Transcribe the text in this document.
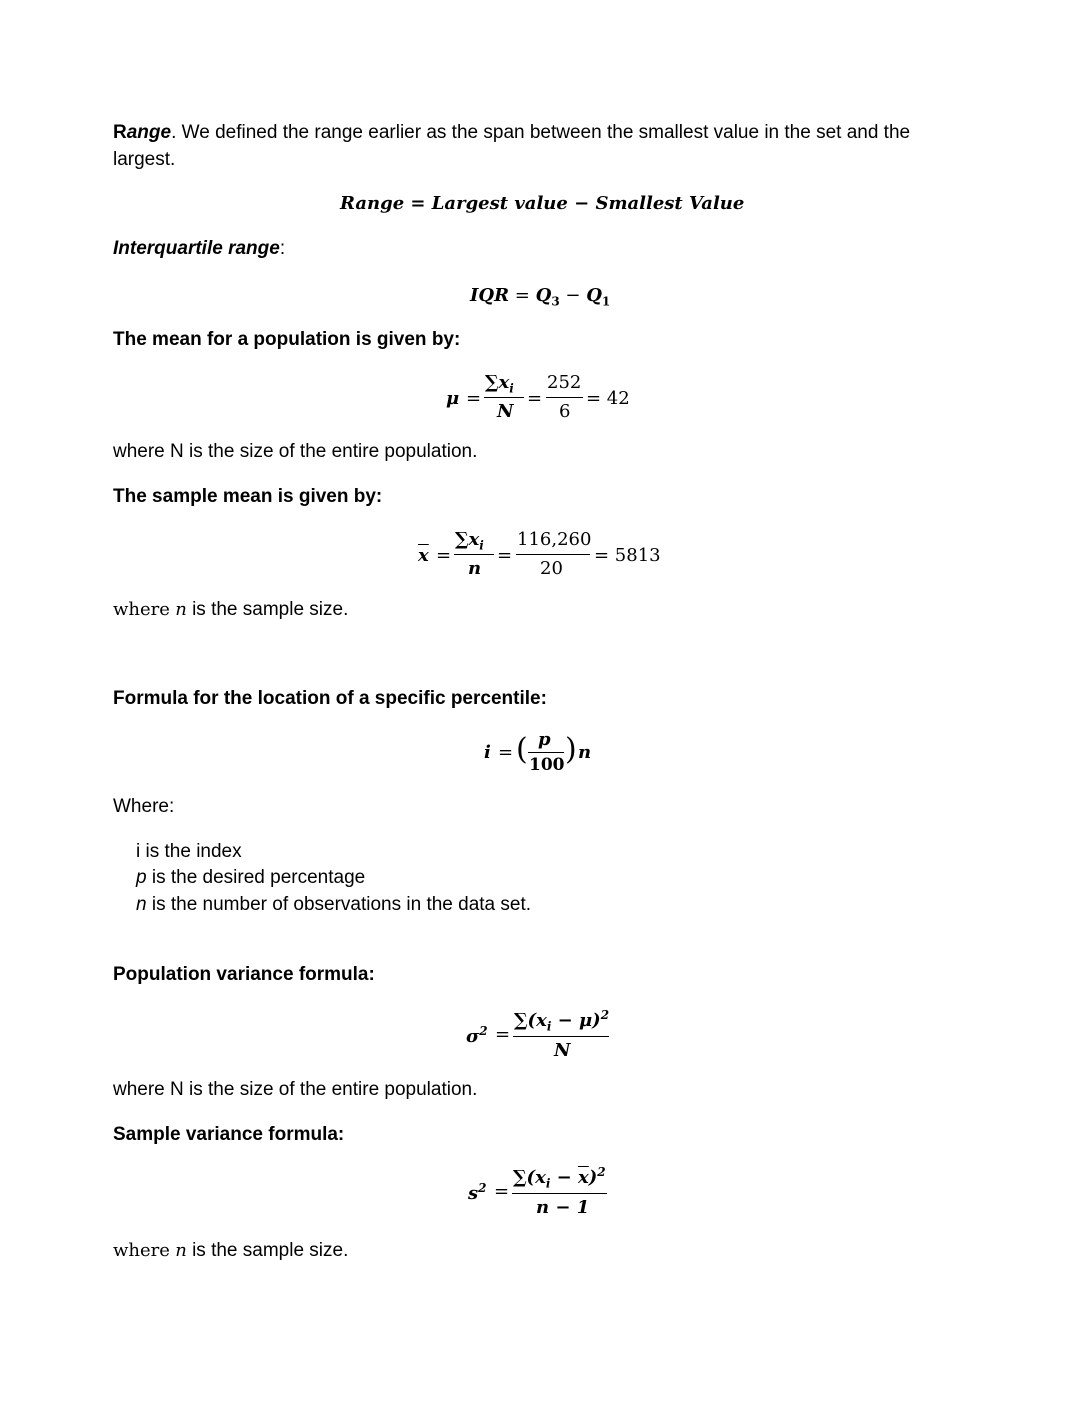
Range. We defined the range earlier as the span between the smallest value in the set and the
largest.
Range = Largest value − Smallest Value
Interquartile range:
IQR = $Q_3 - Q_1$
The mean for a population is given by:
μ =
$\sum x_i$
N
=
252
6
= 42
where N is the size of the entire population.
The sample mean is given by:
$\overline{x}$ =
$\sum x_i$
n
=
116,260
20
= 5813
where n is the sample size.
Formula for the location of a specific percentile:
i = ( p
100 ) n
Where:
i is the index
p is the desired percentage
n is the number of observations in the data set.
Population variance formula:
$\sigma^2$ =
$\sum(x_i - \mu)^2$
N
where N is the size of the entire population.
Sample variance formula:
$s^2$ =
$\sum(x_i - \overline{x})^2$
n − 1
where n is the sample size.
